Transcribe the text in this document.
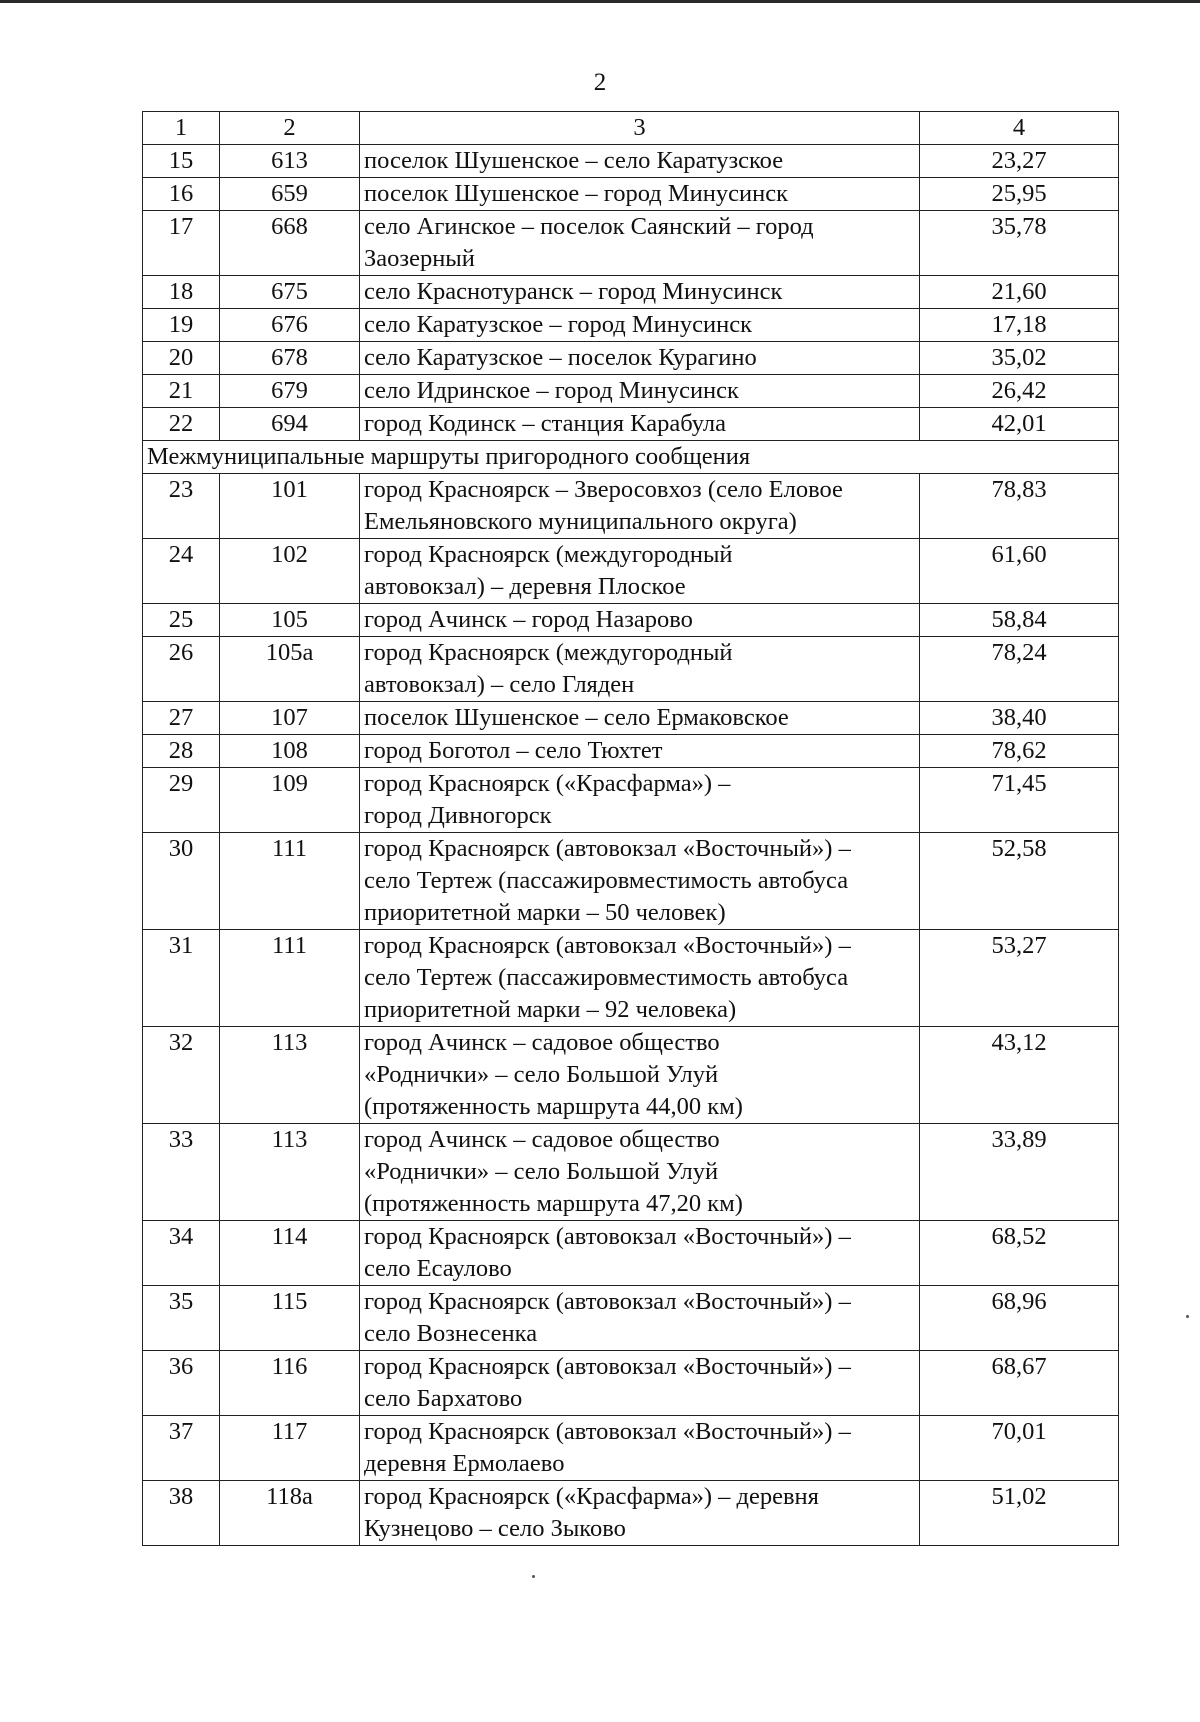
2
1	2	3	4
15	613	поселок Шушенское – село Каратузское	23,27
16	659	поселок Шушенское – город Минусинск	25,95
17	668	село Агинское – поселок Саянский – город
Заозерный	35,78
18	675	село Краснотуранск – город Минусинск	21,60
19	676	село Каратузское – город Минусинск	17,18
20	678	село Каратузское – поселок Курагино	35,02
21	679	село Идринское – город Минусинск	26,42
22	694	город Кодинск – станция Карабула	42,01
Межмуниципальные маршруты пригородного сообщения			
23	101	город Красноярск – Зверосовхоз (село Еловое
Емельяновского муниципального округа)	78,83
24	102	город Красноярск (междугородный
автовокзал) – деревня Плоское	61,60
25	105	город Ачинск – город Назарово	58,84
26	105а	город Красноярск (междугородный
автовокзал) – село Гляден	78,24
27	107	поселок Шушенское – село Ермаковское	38,40
28	108	город Боготол – село Тюхтет	78,62
29	109	город Красноярск («Красфарма») –
город Дивногорск	71,45
30	111	город Красноярск (автовокзал «Восточный») –
село Тертеж (пассажировместимость автобуса
приоритетной марки – 50 человек)	52,58
31	111	город Красноярск (автовокзал «Восточный») –
село Тертеж (пассажировместимость автобуса
приоритетной марки – 92 человека)	53,27
32	113	город Ачинск – садовое общество
«Роднички» – село Большой Улуй
(протяженность маршрута 44,00 км)	43,12
33	113	город Ачинск – садовое общество
«Роднички» – село Большой Улуй
(протяженность маршрута 47,20 км)	33,89
34	114	город Красноярск (автовокзал «Восточный») –
село Есаулово	68,52
35	115	город Красноярск (автовокзал «Восточный») –
село Вознесенка	68,96
36	116	город Красноярск (автовокзал «Восточный») –
село Бархатово	68,67
37	117	город Красноярск (автовокзал «Восточный») –
деревня Ермолаево	70,01
38	118а	город Красноярск («Красфарма») – деревня
Кузнецово – село Зыково	51,02
